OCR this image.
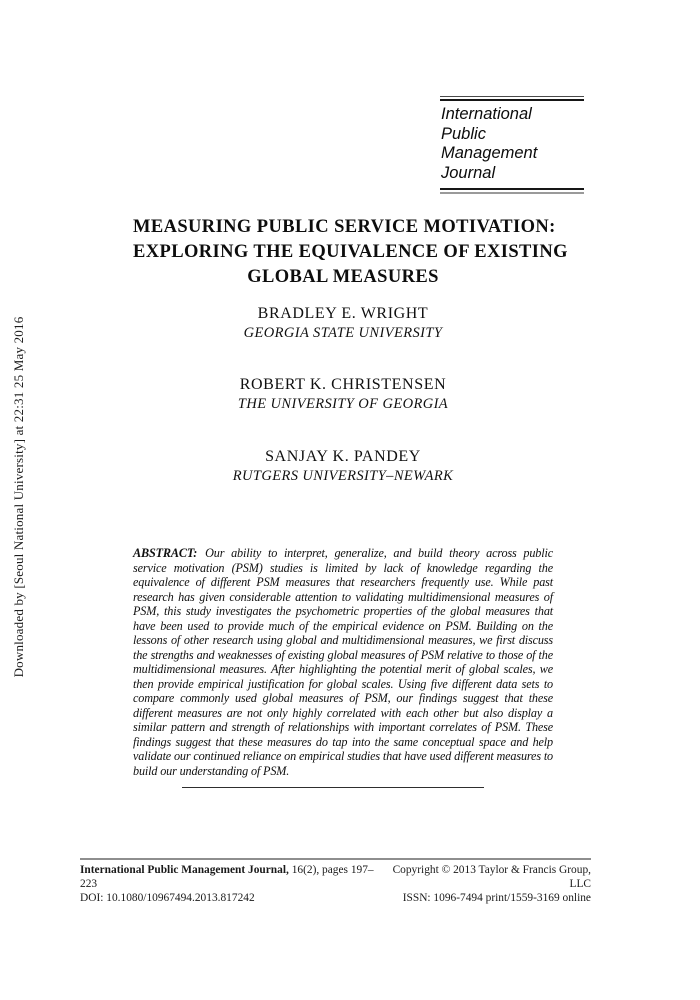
Downloaded by [Seoul National University] at 22:31 25 May 2016
International
Public
Management
Journal
MEASURING PUBLIC SERVICE MOTIVATION:
EXPLORING THE EQUIVALENCE OF EXISTING
GLOBAL MEASURES
BRADLEY E. WRIGHT
GEORGIA STATE UNIVERSITY
ROBERT K. CHRISTENSEN
THE UNIVERSITY OF GEORGIA
SANJAY K. PANDEY
RUTGERS UNIVERSITY–NEWARK
ABSTRACT: Our ability to interpret, generalize, and build theory across public service motivation (PSM) studies is limited by lack of knowledge regarding the equivalence of different PSM measures that researchers frequently use. While past research has given considerable attention to validating multidimensional measures of PSM, this study investigates the psychometric properties of the global measures that have been used to provide much of the empirical evidence on PSM. Building on the lessons of other research using global and multidimensional measures, we first discuss the strengths and weaknesses of existing global measures of PSM relative to those of the multidimensional measures. After highlighting the potential merit of global scales, we then provide empirical justification for global scales. Using five different data sets to compare commonly used global measures of PSM, our findings suggest that these different measures are not only highly correlated with each other but also display a similar pattern and strength of relationships with important correlates of PSM. These findings suggest that these measures do tap into the same conceptual space and help validate our continued reliance on empirical studies that have used different measures to build our understanding of PSM.
International Public Management Journal, 16(2), pages 197–223
DOI: 10.1080/10967494.2013.817242
Copyright © 2013 Taylor & Francis Group, LLC
ISSN: 1096-7494 print/1559-3169 online
